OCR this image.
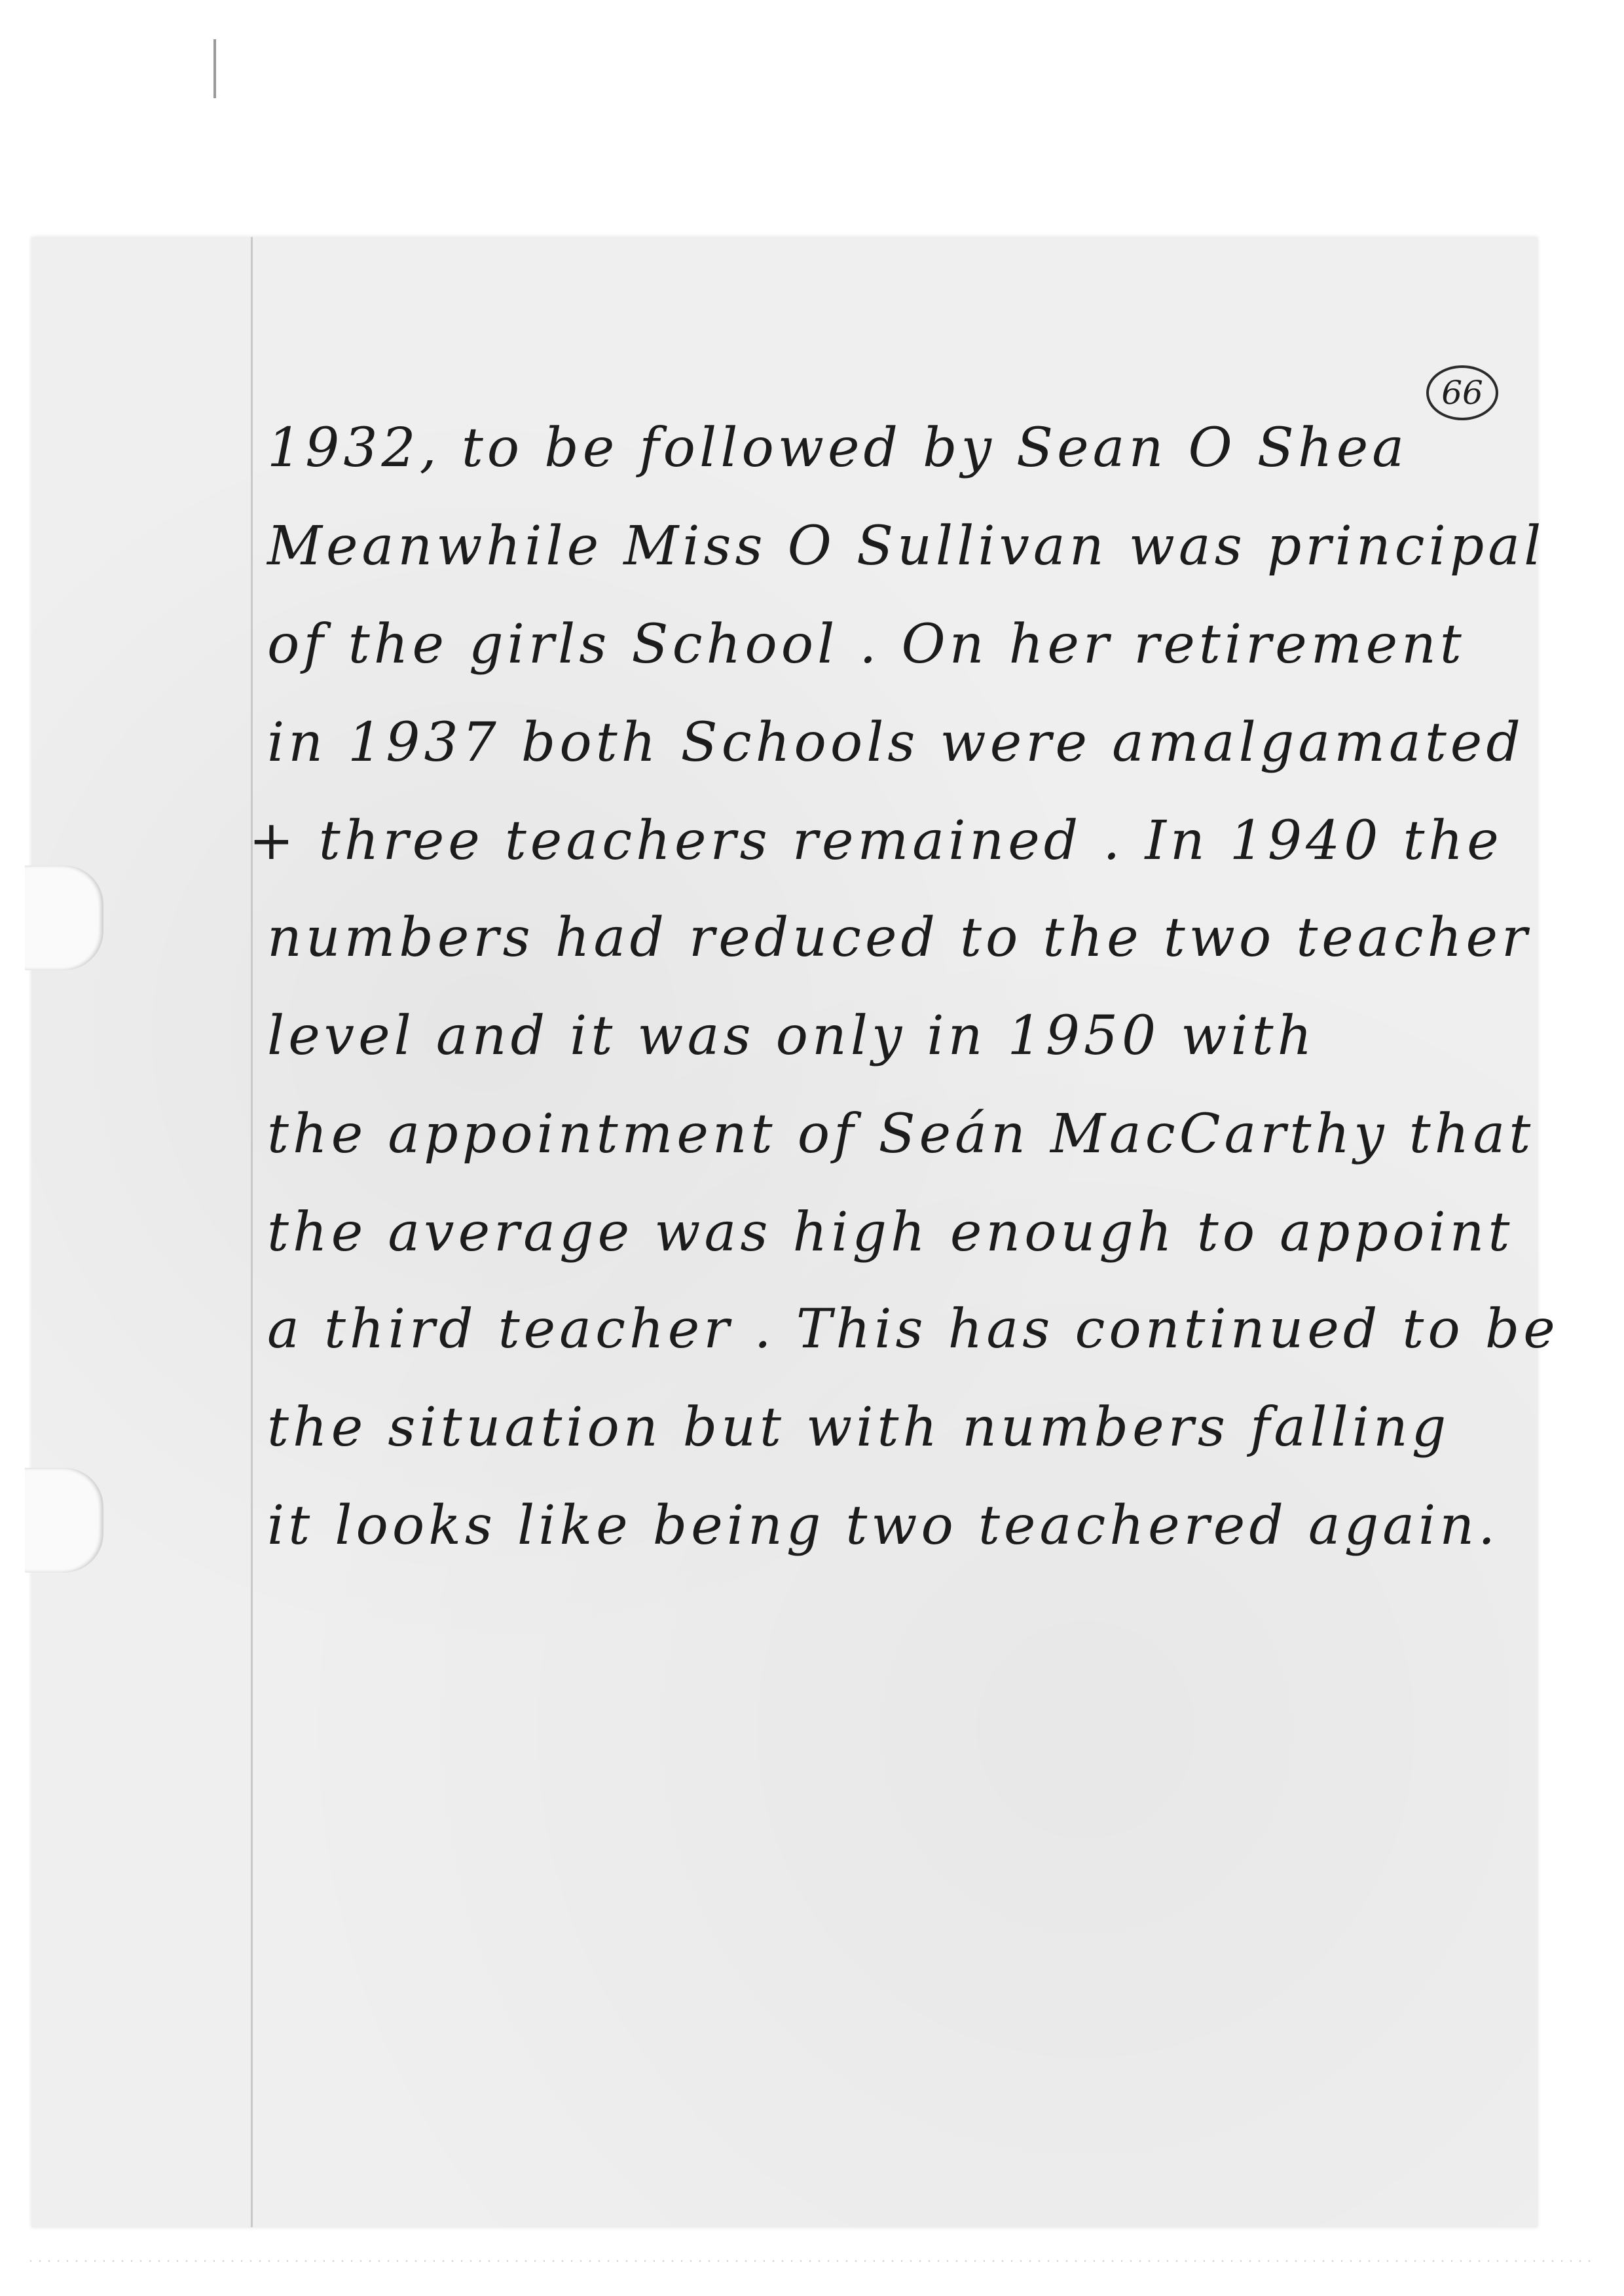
66
1932, to be followed by Sean O Shea
Meanwhile Miss O Sullivan was principal
of the girls School . On her retirement
in 1937 both Schools were amalgamated
+ three teachers remained . In 1940 the
numbers had reduced to the two teacher
level and it was only in 1950 with
the appointment of Seán MacCarthy that
the average was high enough to appoint
a third teacher . This has continued to be
the situation but with numbers falling
it looks like being two teachered again.
